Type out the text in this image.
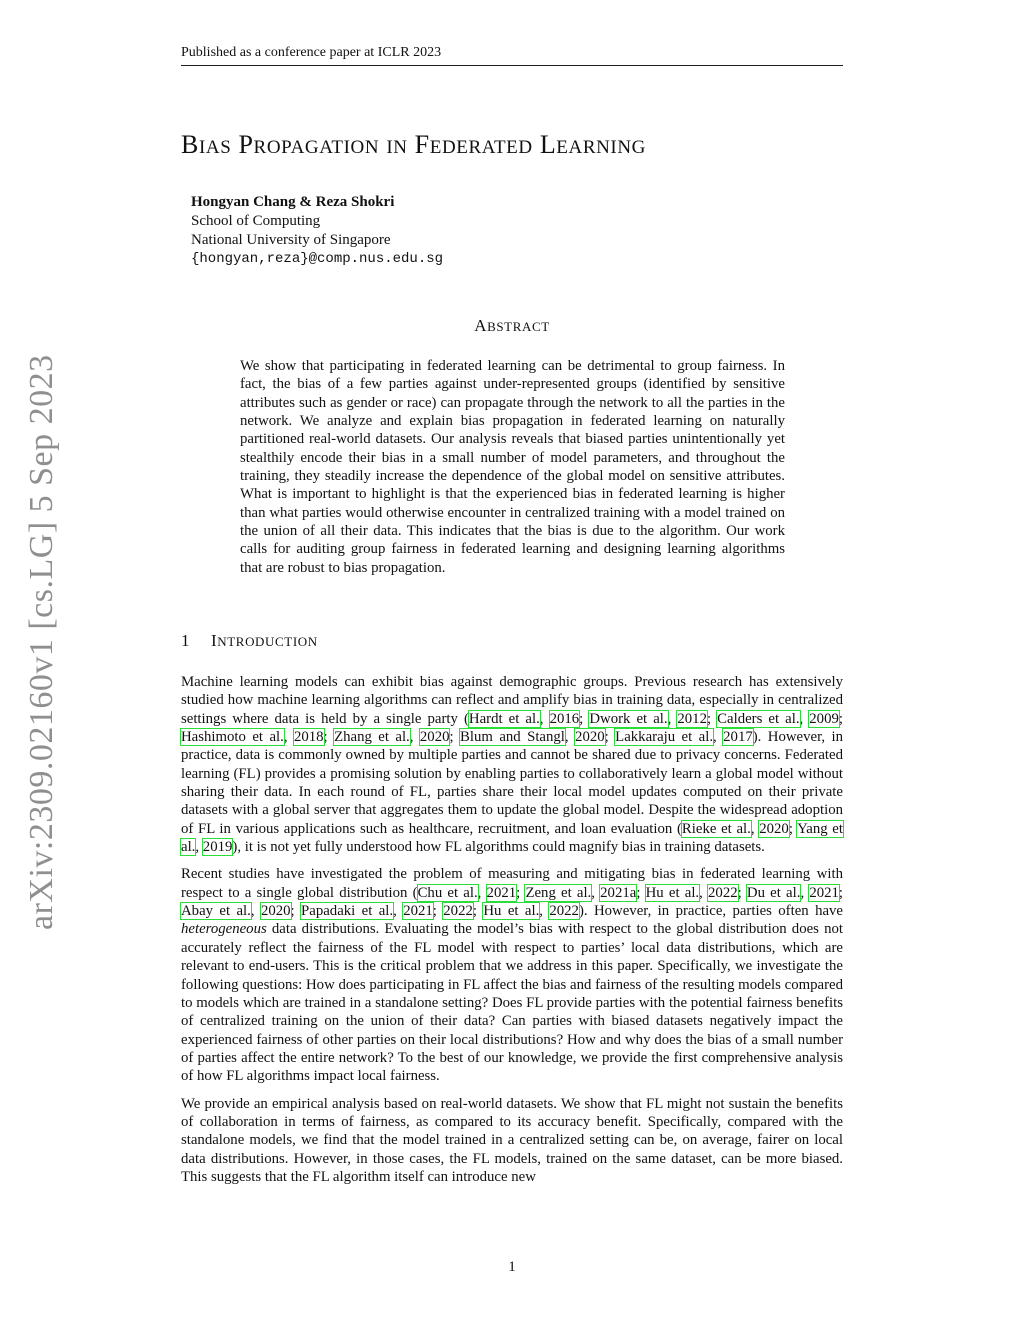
Published as a conference paper at ICLR 2023
arXiv:2309.02160v1 [cs.LG] 5 Sep 2023
BIAS PROPAGATION IN FEDERATED LEARNING
Hongyan Chang & Reza Shokri
School of Computing
National University of Singapore
{hongyan,reza}@comp.nus.edu.sg
ABSTRACT

We show that participating in federated learning can be detrimental to group fairness. In fact, the bias of a few parties against under-represented groups (identified by sensitive attributes such as gender or race) can propagate through the network to all the parties in the network. We analyze and explain bias propagation in federated learning on naturally partitioned real-world datasets. Our analysis reveals that biased parties unintentionally yet stealthily encode their bias in a small number of model parameters, and throughout the training, they steadily increase the dependence of the global model on sensitive attributes. What is important to highlight is that the experienced bias in federated learning is higher than what parties would otherwise encounter in centralized training with a model trained on the union of all their data. This indicates that the bias is due to the algorithm. Our work calls for auditing group fairness in federated learning and designing learning algorithms that are robust to bias propagation.

1 INTRODUCTION

Machine learning models can exhibit bias against demographic groups. Previous research has extensively studied how machine learning algorithms can reflect and amplify bias in training data, especially in centralized settings where data is held by a single party (Hardt et al., 2016; Dwork et al., 2012; Calders et al., 2009; Hashimoto et al., 2018; Zhang et al., 2020; Blum and Stangl, 2020; Lakkaraju et al., 2017). However, in practice, data is commonly owned by multiple parties and cannot be shared due to privacy concerns. Federated learning (FL) provides a promising solution by enabling parties to collaboratively learn a global model without sharing their data. In each round of FL, parties share their local model updates computed on their private datasets with a global server that aggregates them to update the global model. Despite the widespread adoption of FL in various applications such as healthcare, recruitment, and loan evaluation (Rieke et al., 2020; Yang et al., 2019), it is not yet fully understood how FL algorithms could magnify bias in training datasets.

Recent studies have investigated the problem of measuring and mitigating bias in federated learning with respect to a single global distribution (Chu et al., 2021; Zeng et al., 2021a; Hu et al., 2022; Du et al., 2021; Abay et al., 2020; Papadaki et al., 2021; 2022; Hu et al., 2022). However, in practice, parties often have heterogeneous data distributions. Evaluating the model’s bias with respect to the global distribution does not accurately reflect the fairness of the FL model with respect to parties’ local data distributions, which are relevant to end-users. This is the critical problem that we address in this paper. Specifically, we investigate the following questions: How does participating in FL affect the bias and fairness of the resulting models compared to models which are trained in a standalone setting? Does FL provide parties with the potential fairness benefits of centralized training on the union of their data? Can parties with biased datasets negatively impact the experienced fairness of other parties on their local distributions? How and why does the bias of a small number of parties affect the entire network? To the best of our knowledge, we provide the first comprehensive analysis of how FL algorithms impact local fairness.

We provide an empirical analysis based on real-world datasets. We show that FL might not sustain the benefits of collaboration in terms of fairness, as compared to its accuracy benefit. Specifically, compared with the standalone models, we find that the model trained in a centralized setting can be, on average, fairer on local data distributions. However, in those cases, the FL models, trained on the same dataset, can be more biased. This suggests that the FL algorithm itself can introduce new

1
